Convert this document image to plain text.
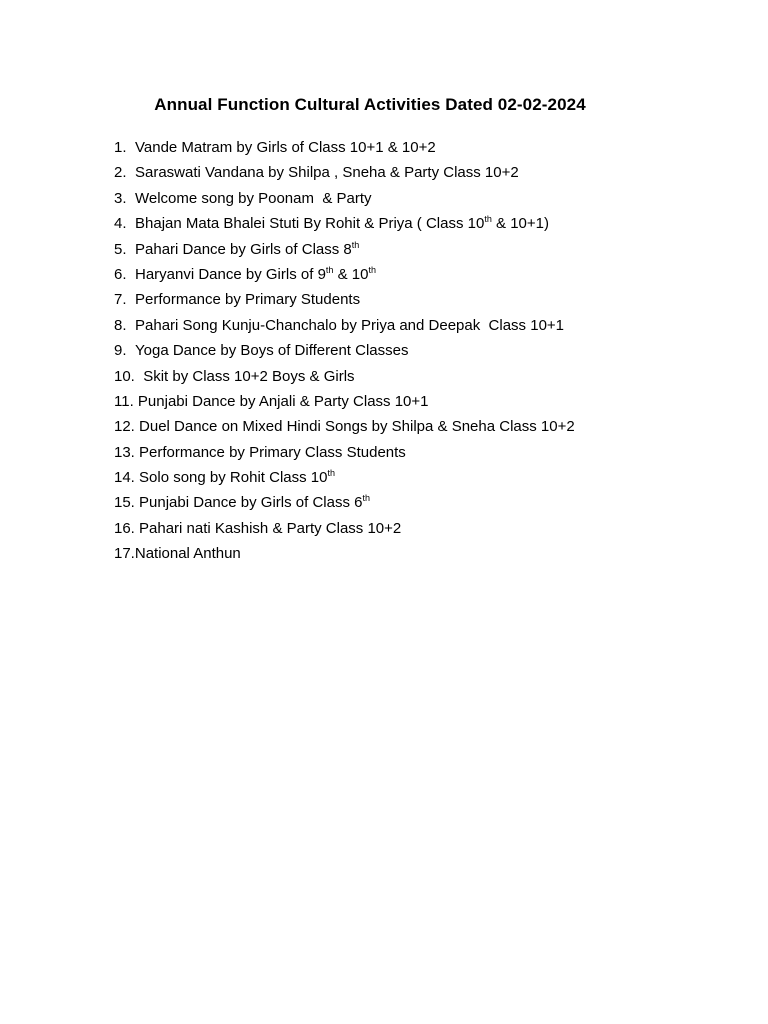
Annual Function Cultural Activities Dated 02-02-2024
1. Vande Matram by Girls of Class 10+1 & 10+2
2. Saraswati Vandana by Shilpa , Sneha & Party Class 10+2
3. Welcome song by Poonam  & Party
4. Bhajan Mata Bhalei Stuti By Rohit & Priya ( Class 10th & 10+1)
5. Pahari Dance by Girls of Class 8th
6. Haryanvi Dance by Girls of 9th & 10th
7. Performance by Primary Students
8. Pahari Song Kunju-Chanchalo by Priya and Deepak  Class 10+1
9. Yoga Dance by Boys of Different Classes
10.  Skit by Class 10+2 Boys & Girls
11. Punjabi Dance by Anjali & Party Class 10+1
12. Duel Dance on Mixed Hindi Songs by Shilpa & Sneha Class 10+2
13. Performance by Primary Class Students
14. Solo song by Rohit Class 10th
15. Punjabi Dance by Girls of Class 6th
16. Pahari nati Kashish & Party Class 10+2
17.National Anthun
